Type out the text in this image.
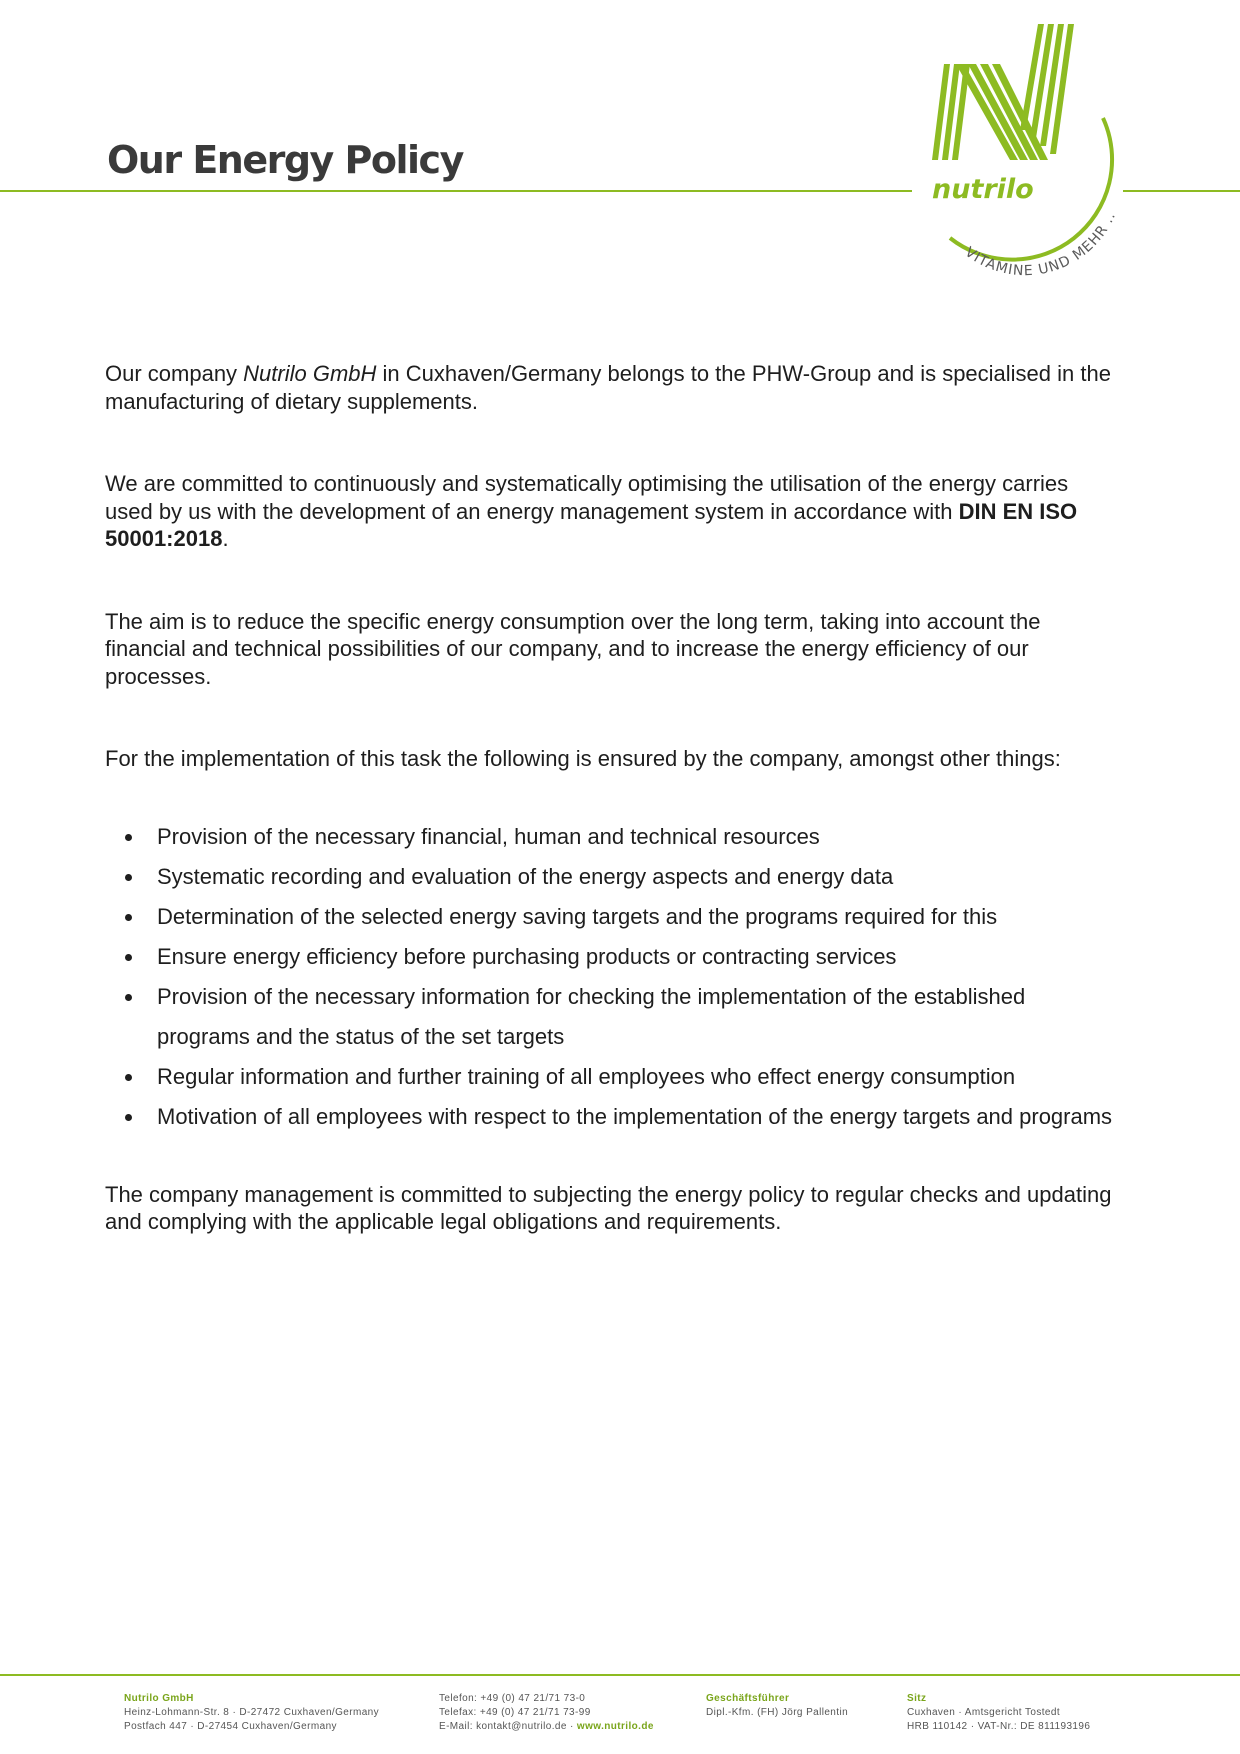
Our Energy Policy
nutrilo
VITAMINE UND MEHR ..

Our company Nutrilo GmbH in Cuxhaven/Germany belongs to the PHW-Group and is specialised in the manufacturing of dietary supplements.

We are committed to continuously and systematically optimising the utilisation of the energy carries used by us with the development of an energy management system in accordance with DIN EN ISO 50001:2018.

The aim is to reduce the specific energy consumption over the long term, taking into account the financial and technical possibilities of our company, and to increase the energy efficiency of our processes.

For the implementation of this task the following is ensured by the company, amongst other things:

Provision of the necessary financial, human and technical resources
Systematic recording and evaluation of the energy aspects and energy data
Determination of the selected energy saving targets and the programs required for this
Ensure energy efficiency before purchasing products or contracting services
Provision of the necessary information for checking the implementation of the established programs and the status of the set targets
Regular information and further training of all employees who effect energy consumption
Motivation of all employees with respect to the implementation of the energy targets and programs

The company management is committed to subjecting the energy policy to regular checks and updating and complying with the applicable legal obligations and requirements.

Nutrilo GmbH
Heinz-Lohmann-Str. 8 · D-27472 Cuxhaven/Germany
Postfach 447 · D-27454 Cuxhaven/Germany
Telefon: +49 (0) 47 21/71 73-0
Telefax: +49 (0) 47 21/71 73-99
E-Mail: kontakt@nutrilo.de · www.nutrilo.de
Geschäftsführer
Dipl.-Kfm. (FH) Jörg Pallentin
Sitz
Cuxhaven · Amtsgericht Tostedt
HRB 110142 · VAT-Nr.: DE 811193196
